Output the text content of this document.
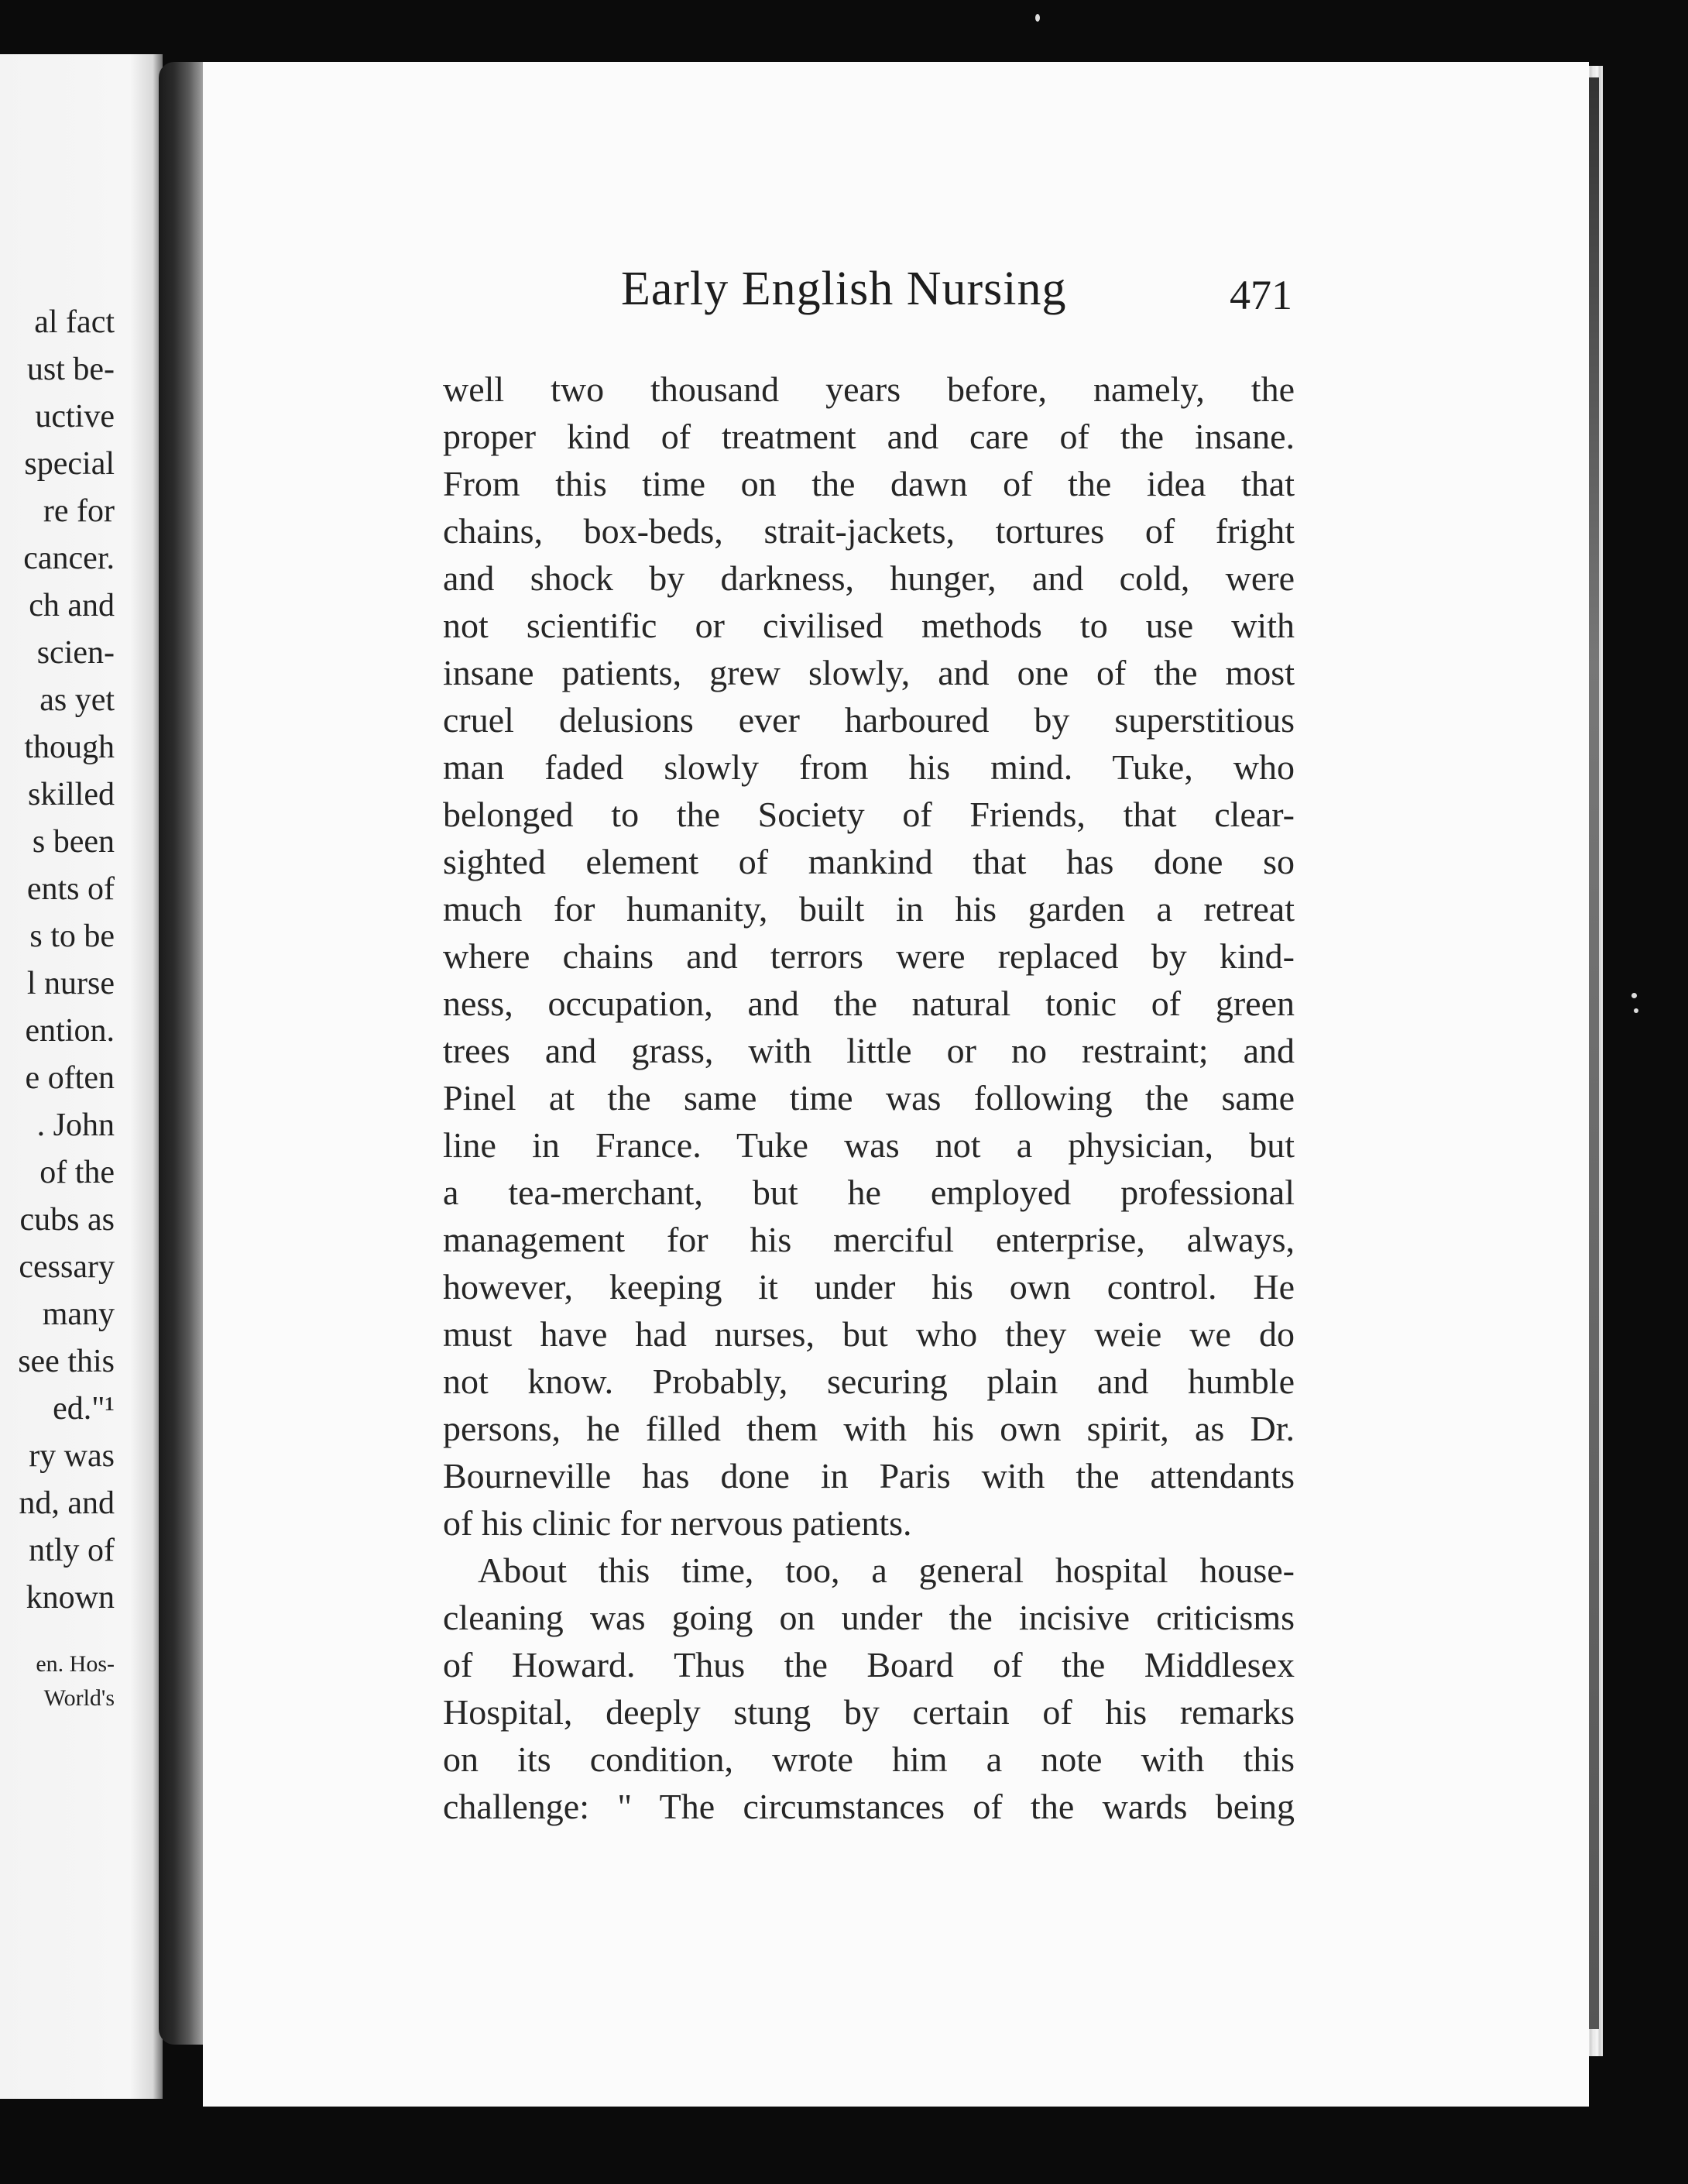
al fact
ust be-
uctive
special
re for
cancer.
ch and
scien-
as yet
though
skilled
s been
ents of
s to be
l nurse
ention.
e often
. John
of the
cubs as
cessary
many
see this
ed."¹
ry was
nd, and
ntly of
known
en. Hos-
World's
Early English Nursing	471
well two thousand years before, namely, the
proper kind of treatment and care of the insane.
From this time on the dawn of the idea that
chains, box-beds, strait-jackets, tortures of fright
and shock by darkness, hunger, and cold, were
not scientific or civilised methods to use with
insane patients, grew slowly, and one of the most
cruel delusions ever harboured by superstitious
man faded slowly from his mind. Tuke, who
belonged to the Society of Friends, that clear-
sighted element of mankind that has done so
much for humanity, built in his garden a retreat
where chains and terrors were replaced by kind-
ness, occupation, and the natural tonic of green
trees and grass, with little or no restraint; and
Pinel at the same time was following the same
line in France. Tuke was not a physician, but
a tea-merchant, but he employed professional
management for his merciful enterprise, always,
however, keeping it under his own control. He
must have had nurses, but who they weie we do
not know. Probably, securing plain and humble
persons, he filled them with his own spirit, as Dr.
Bourneville has done in Paris with the attendants
of his clinic for nervous patients.
About this time, too, a general hospital house-
cleaning was going on under the incisive criticisms
of Howard. Thus the Board of the Middlesex
Hospital, deeply stung by certain of his remarks
on its condition, wrote him a note with this
challenge: " The circumstances of the wards being
